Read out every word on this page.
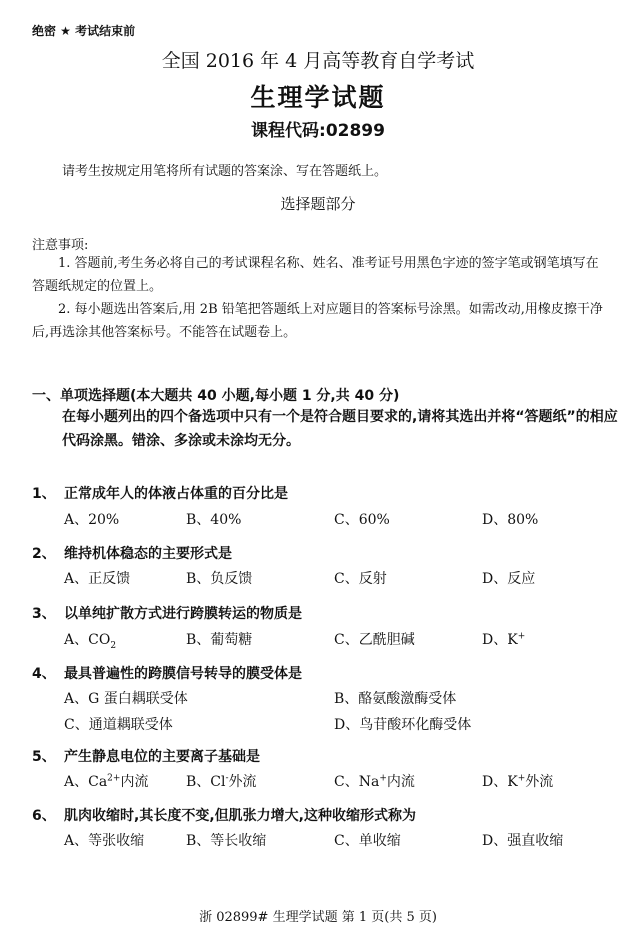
绝密 ★ 考试结束前
全国 2016 年 4 月高等教育自学考试
生理学试题
课程代码:02899
请考生按规定用笔将所有试题的答案涂、写在答题纸上。
选择题部分
注意事项:
1. 答题前,考生务必将自己的考试课程名称、姓名、准考证号用黑色字迹的签字笔或钢笔填写在答题纸规定的位置上。
2. 每小题选出答案后,用 2B 铅笔把答题纸上对应题目的答案标号涂黑。如需改动,用橡皮擦干净后,再选涂其他答案标号。不能答在试题卷上。
一、单项选择题(本大题共 40 小题,每小题 1 分,共 40 分)
在每小题列出的四个备选项中只有一个是符合题目要求的,请将其选出并将“答题纸”的相应代码涂黑。错涂、多涂或未涂均无分。
1、 正常成年人的体液占体重的百分比是
A、20%	B、40%	C、60%	D、80%
2、 维持机体稳态的主要形式是
A、正反馈	B、负反馈	C、反射	D、反应
3、 以单纯扩散方式进行跨膜转运的物质是
A、$CO_2$	B、葡萄糖	C、乙酰胆碱	D、K+
4、 最具普遍性的跨膜信号转导的膜受体是
A、G 蛋白耦联受体	B、酪氨酸激酶受体
C、通道耦联受体	D、鸟苷酸环化酶受体
5、 产生静息电位的主要离子基础是
A、$Ca^{2+}$内流	B、Cl-外流	C、Na+内流	D、K+外流
6、 肌肉收缩时,其长度不变,但肌张力增大,这种收缩形式称为
A、等张收缩	B、等长收缩	C、单收缩	D、强直收缩
浙 02899# 生理学试题 第 1 页(共 5 页)
